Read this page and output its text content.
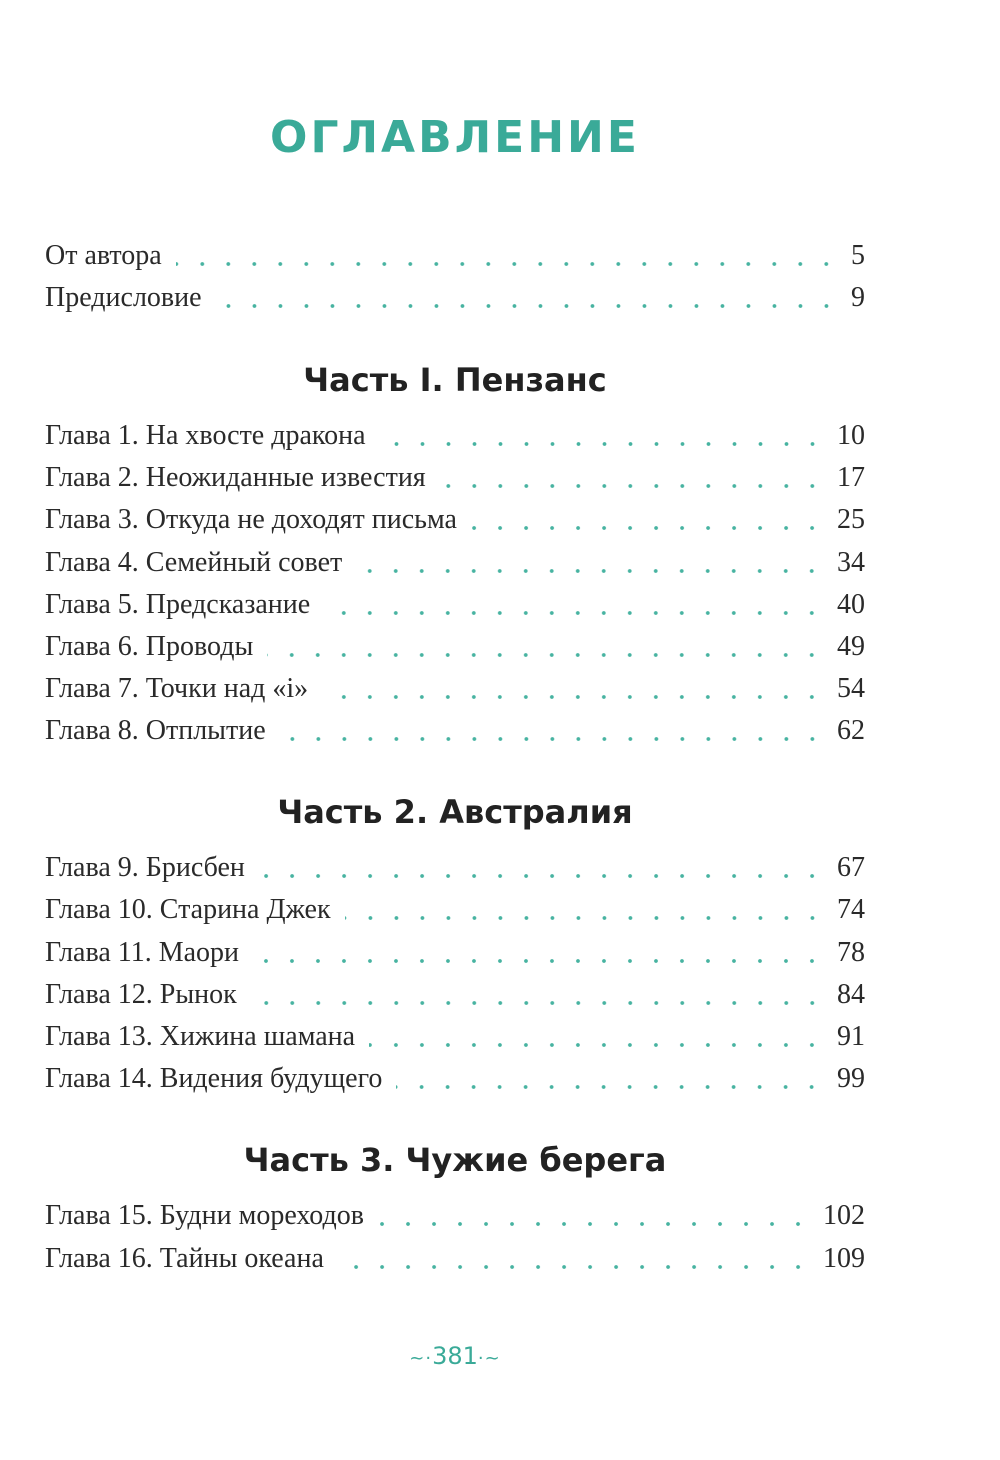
ОГЛАВЛЕНИЕ
От автора	5
Предисловие	9
Часть I. Пензанс
Глава 1. На хвосте дракона	10
Глава 2. Неожиданные известия	17
Глава 3. Откуда не доходят письма	25
Глава 4. Семейный совет	34
Глава 5. Предсказание	40
Глава 6. Проводы	49
Глава 7. Точки над «i»	54
Глава 8. Отплытие	62
Часть 2. Австралия
Глава 9. Брисбен	67
Глава 10. Старина Джек	74
Глава 11. Маори	78
Глава 12. Рынок	84
Глава 13. Хижина шамана	91
Глава 14. Видения будущего	99
Часть 3. Чужие берега
Глава 15. Будни мореходов	102
Глава 16. Тайны океана	109
~·381·~
